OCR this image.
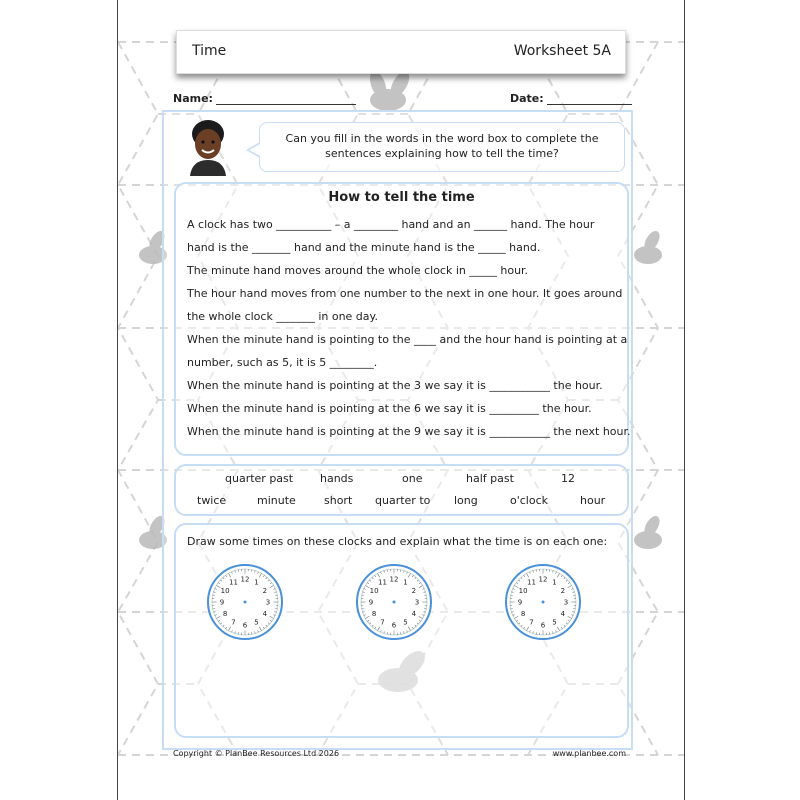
Time	Worksheet 5A
Name:	Date:
Can you fill in the words in the word box to complete the
sentences explaining how to tell the time?
How to tell the time
A clock has two __________ – a ________ hand and an ______ hand. The hour
hand is the _______ hand and the minute hand is the _____ hand.
The minute hand moves around the whole clock in _____ hour.
The hour hand moves from one number to the next in one hour. It goes around
the whole clock _______ in one day.
When the minute hand is pointing to the ____ and the hour hand is pointing at a
number, such as 5, it is 5 ________.
When the minute hand is pointing at the 3 we say it is ___________ the hour.
When the minute hand is pointing at the 6 we say it is _________ the hour.
When the minute hand is pointing at the 9 we say it is ___________ the next hour.
quarter past hands	one	half past	12
twice	minute	short quarter to long	o'clock	hour
Draw some times on these clocks and explain what the time is on each one:
12 1
2
3
4
5
6
7
8
9
10
11	12 1
2
3
4
5
6
7
8
9
10
11	12 1
2
3
4
5
6
7
8
9
10
11
Copyright © PlanBee Resources Ltd 2026	www.planbee.com
